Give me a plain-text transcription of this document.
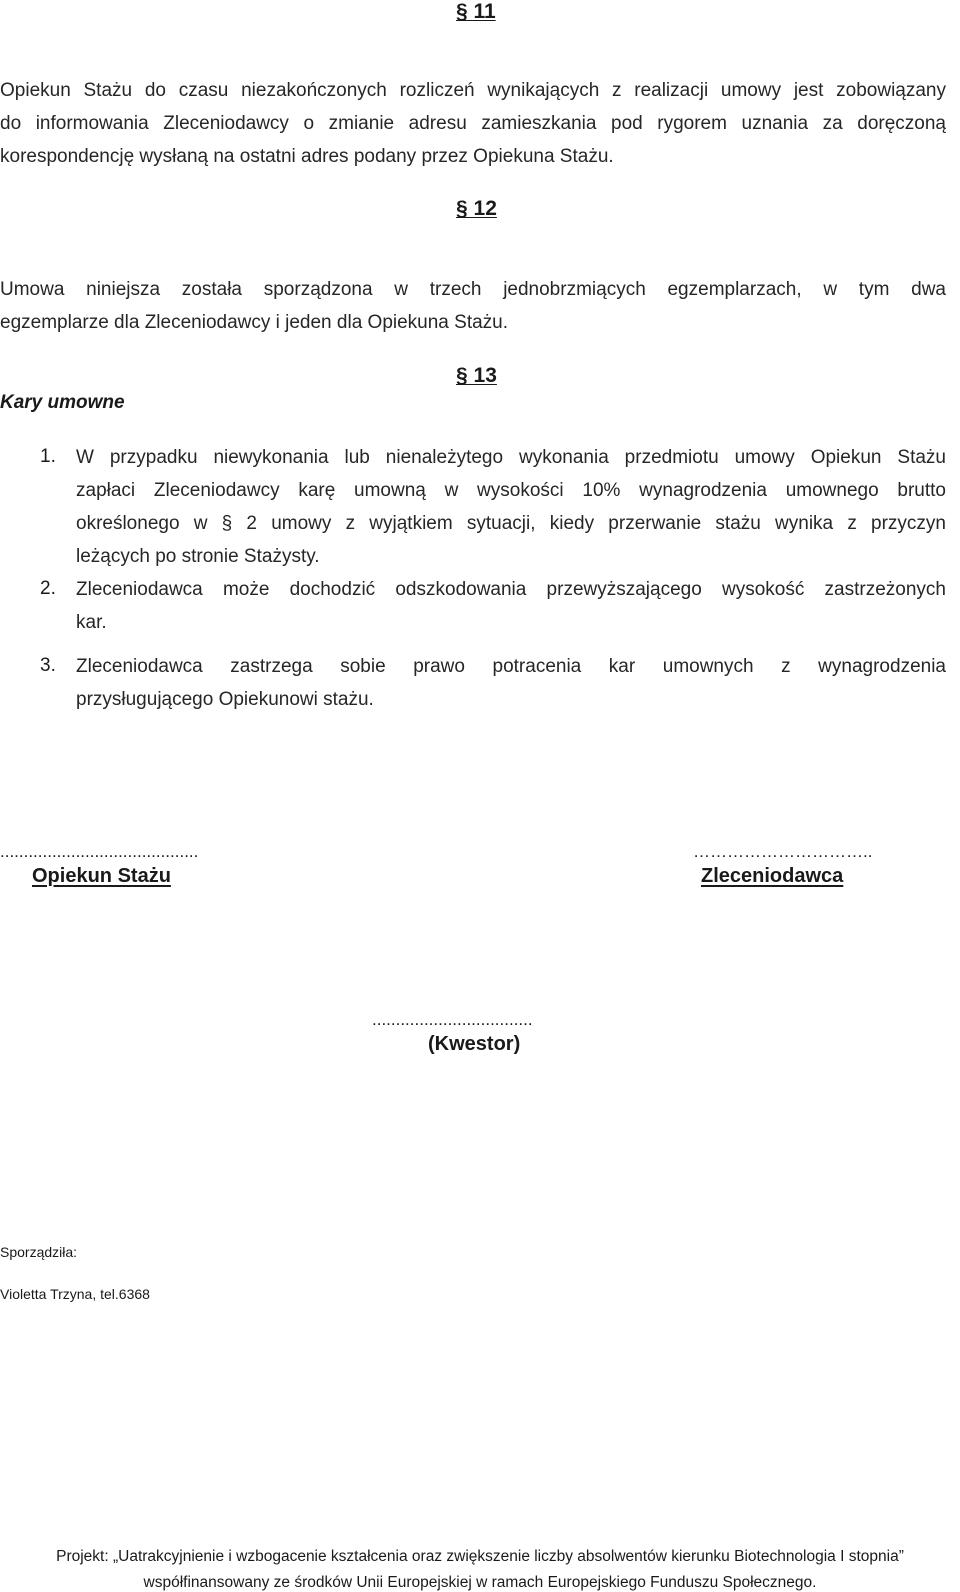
§ 11
Opiekun Stażu do czasu niezakończonych rozliczeń wynikających z realizacji umowy jest zobowiązany
do informowania Zleceniodawcy o zmianie adresu zamieszkania pod rygorem uznania za doręczoną
korespondencję wysłaną na ostatni adres podany przez Opiekuna Stażu.
§ 12
Umowa niniejsza została sporządzona w trzech jednobrzmiących egzemplarzach, w tym dwa
egzemplarze dla Zleceniodawcy i jeden dla Opiekuna Stażu.
§ 13
Kary umowne
1. W przypadku niewykonania lub nienależytego wykonania przedmiotu umowy Opiekun Stażu
zapłaci Zleceniodawcy karę umowną w wysokości 10% wynagrodzenia umownego brutto
określonego w § 2 umowy z wyjątkiem sytuacji, kiedy przerwanie stażu wynika z przyczyn
leżących po stronie Stażysty.
2. Zleceniodawca może dochodzić odszkodowania przewyższającego wysokość zastrzeżonych
kar.
3. Zleceniodawca zastrzega sobie prawo potracenia kar umownych z wynagrodzenia
przysługującego Opiekunowi stażu.
..........................................
Opiekun Stażu
…………………………..
Zleceniodawca
..................................
(Kwestor)
Sporządziła:
Violetta Trzyna, tel.6368
Projekt: „Uatrakcyjnienie i wzbogacenie kształcenia oraz zwiększenie liczby absolwentów kierunku Biotechnologia I stopnia”
współfinansowany ze środków Unii Europejskiej w ramach Europejskiego Funduszu Społecznego.
